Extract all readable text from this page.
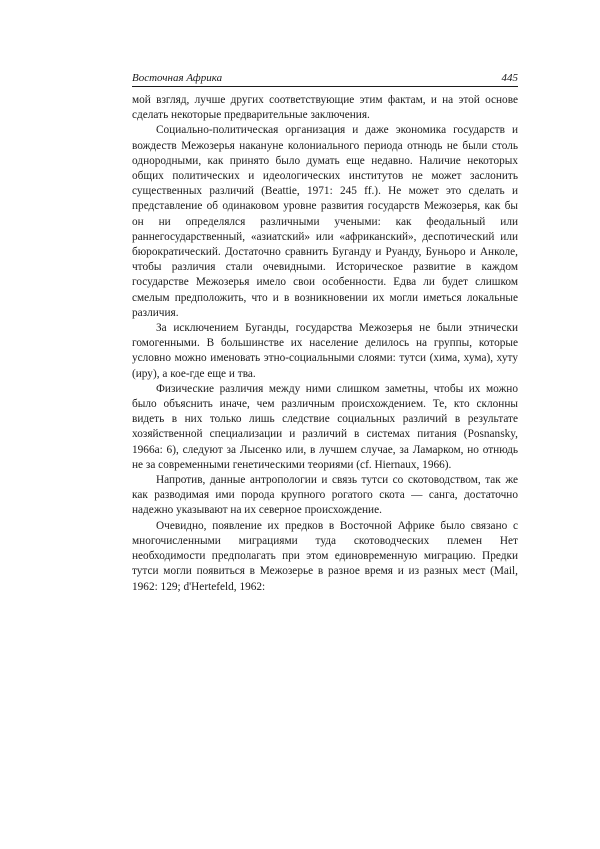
Восточная Африка	445

мой взгляд, лучше других соответствующие этим фактам, и на этой основе сделать некоторые предварительные заключения.

Социально-политическая организация и даже экономика государств и вождеств Межозерья накануне колониального периода отнюдь не были столь однородными, как принято было думать еще недавно. Наличие некоторых общих политических и идеологических институтов не может заслонить существенных различий (Beattie, 1971: 245 ff.). Не может это сделать и представление об одинаковом уровне развития государств Межозерья, как бы он ни определялся различными учеными: как феодальный или раннегосударственный, «азиатский» или «африканский», деспотический или бюрократический. Достаточно сравнить Буганду и Руанду, Буньоро и Анколе, чтобы различия стали очевидными. Историческое развитие в каждом государстве Межозерья имело свои особенности. Едва ли будет слишком смелым предположить, что и в возникновении их могли иметься локальные различия.

За исключением Буганды, государства Межозерья не были этнически гомогенными. В большинстве их население делилось на группы, которые условно можно именовать этно-социальными слоями: тутси (хима, хума), хуту (иру), а кое-где еще и тва.

Физические различия между ними слишком заметны, чтобы их можно было объяснить иначе, чем различным происхождением. Те, кто склонны видеть в них только лишь следствие социальных различий в результате хозяйственной специализации и различий в системах питания (Posnansky, 1966a: 6), следуют за Лысенко или, в лучшем случае, за Ламарком, но отнюдь не за современными генетическими теориями (cf. Hiernaux, 1966).

Напротив, данные антропологии и связь тутси со скотоводством, так же как разводимая ими порода крупного рогатого скота — санга, достаточно надежно указывают на их северное происхождение.

Очевидно, появление их предков в Восточной Африке было связано с многочисленными миграциями туда скотоводческих племен Нет необходимости предполагать при этом единовременную миграцию. Предки тутси могли появиться в Межозерье в разное время и из разных мест (Mail, 1962: 129; d'Hertefeld, 1962:
